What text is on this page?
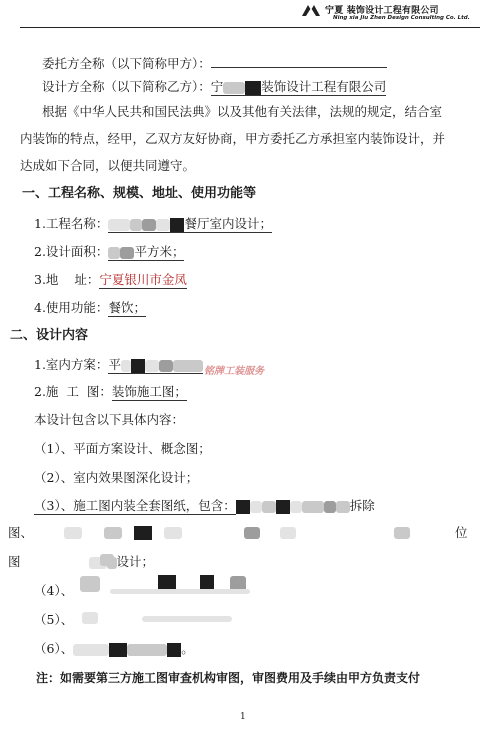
宁夏 装饰设计工程有限公司
Ning xia Jiu Zhen Design Consulting Co. Ltd.
委托方全称（以下简称甲方）：
设计方全称（以下简称乙方）：宁	装饰设计工程有限公司
根据《中华人民共和国民法典》以及其他有关法律，法规的规定，结合室
内装饰的特点，经甲，乙双方友好协商，甲方委托乙方承担室内装饰设计，并
达成如下合同，以便共同遵守。
一、工程名称、规模、地址、使用功能等
1.工程名称：	餐厅室内设计；
2.设计面积： 平方米；
3.地    址：宁夏银川市金凤
4.使用功能：餐饮；
二、设计内容
1.室内方案：平	铭牌工装服务
2.施  工  图：装饰施工图；
本设计包含以下具体内容：
（1）、平面方案设计、概念图；
（2）、室内效果图深化设计；
（3）、施工图内装全套图纸，包含：	拆除
图、	位
图	设计；
（4）、
（5）、
（6）、	。
注：如需要第三方施工图审查机构审图，审图费用及手续由甲方负责支付
1
